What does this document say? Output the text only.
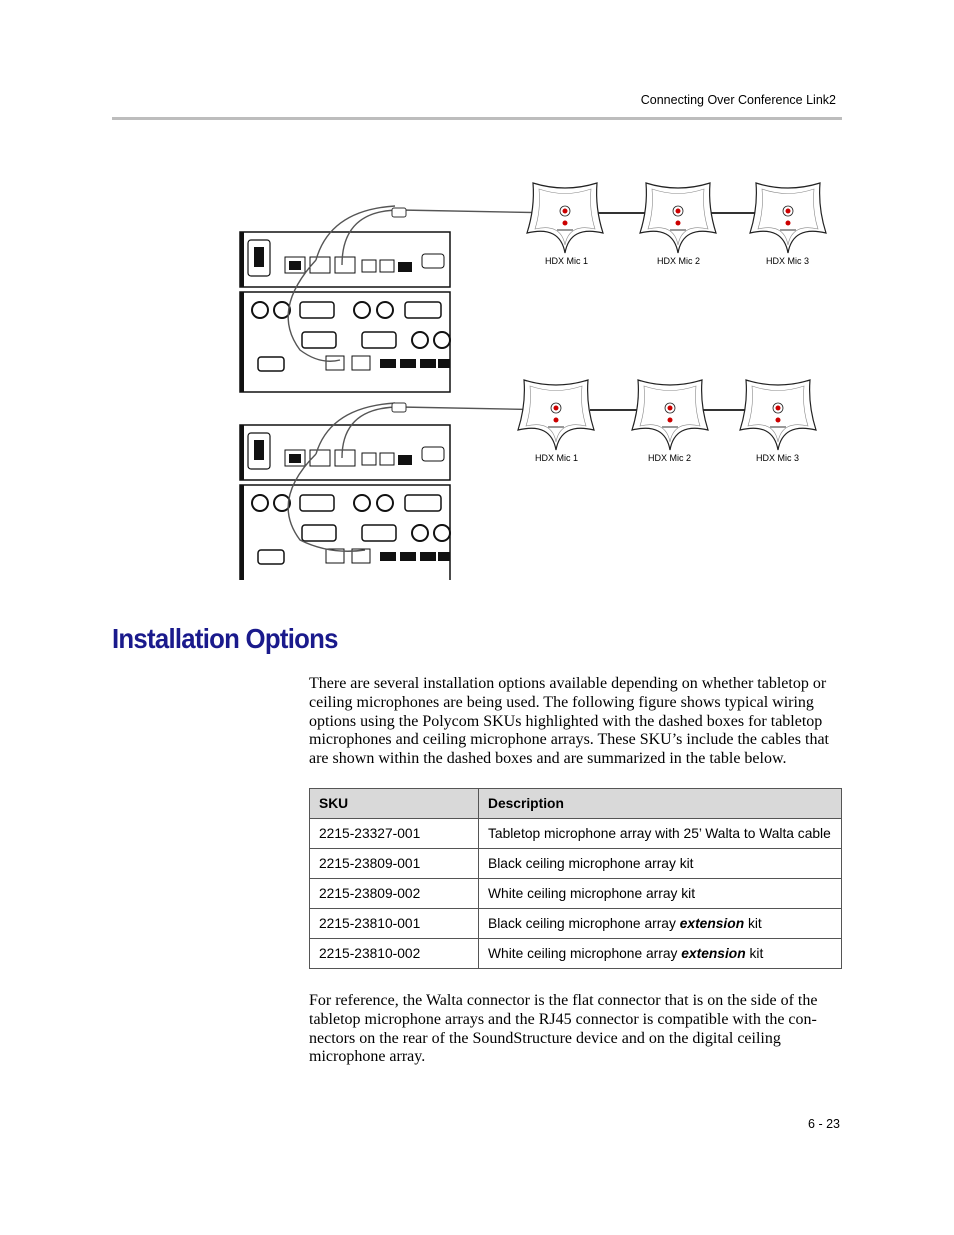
Connecting Over Conference Link2
HDX Mic 1	HDX Mic 2	HDX Mic 3
HDX Mic 1	HDX Mic 2	HDX Mic 3
Installation Options

There are several installation options available depending on whether tabletop or ceiling microphones are being used. The following figure shows typical wiring options using the Polycom SKUs highlighted with the dashed boxes for tabletop microphones and ceiling microphone arrays. These SKU’s include the cables that are shown within the dashed boxes and are summarized in the table below.

SKU	Description
2215-23327-001	Tabletop microphone array with 25’ Walta to Walta cable
2215-23809-001	Black ceiling microphone array kit
2215-23809-002	White ceiling microphone array kit
2215-23810-001	Black ceiling microphone array extension kit
2215-23810-002	White ceiling microphone array extension kit

For reference, the Walta connector is the flat connector that is on the side of the tabletop microphone arrays and the RJ45 connector is compatible with the con-nectors on the rear of the SoundStructure device and on the digital ceiling microphone array.

6 - 23
